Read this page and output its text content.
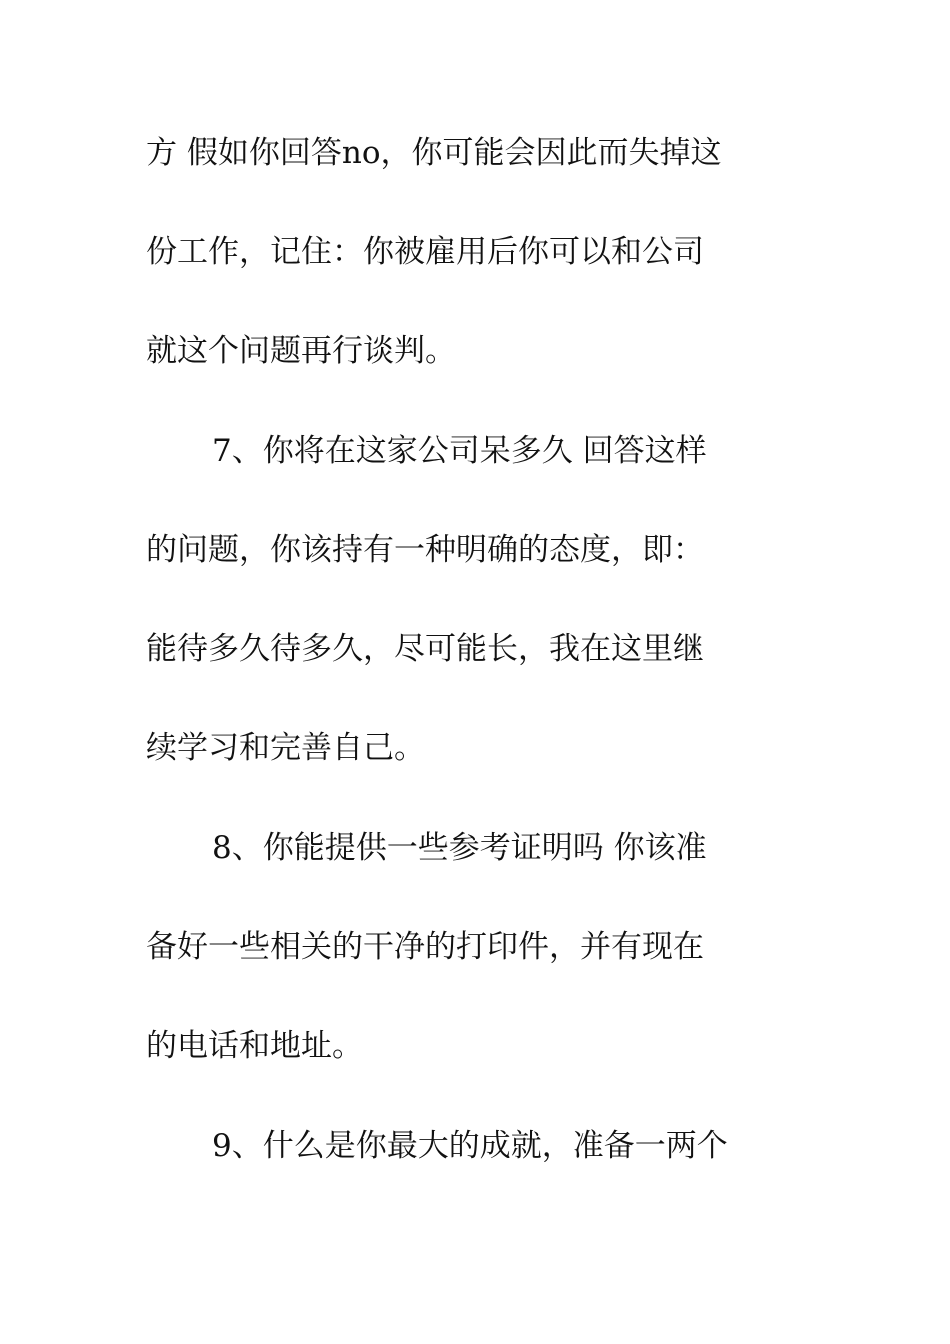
方 假如你回答no，你可能会因此而失掉这
份工作，记住：你被雇用后你可以和公司
就这个问题再行谈判。
7、你将在这家公司呆多久 回答这样
的问题，你该持有一种明确的态度，即：
能待多久待多久，尽可能长，我在这里继
续学习和完善自己。
8、你能提供一些参考证明吗 你该准
备好一些相关的干净的打印件，并有现在
的电话和地址。
9、什么是你最大的成就，准备一两个
